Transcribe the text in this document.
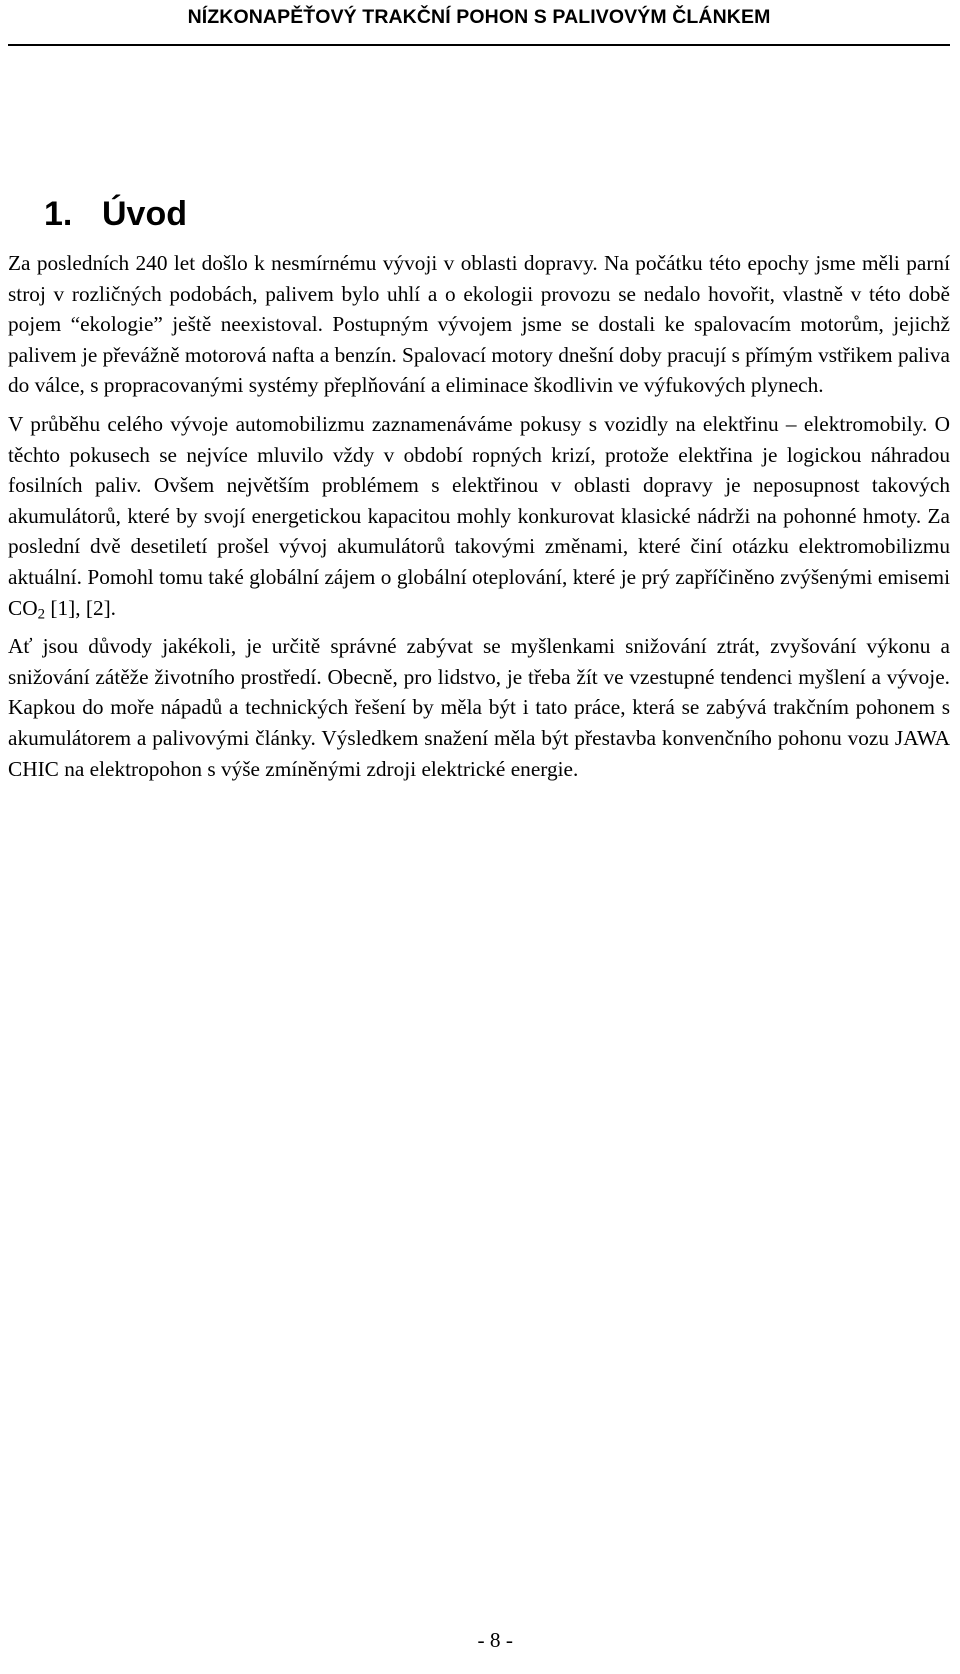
NÍZKONAPĚŤOVÝ TRAKČNÍ POHON S PALIVOVÝM ČLÁNKEM
1. Úvod

Za posledních 240 let došlo k nesmírnému vývoji v oblasti dopravy. Na počátku této epochy jsme měli parní stroj v rozličných podobách, palivem bylo uhlí a o ekologii provozu se nedalo hovořit, vlastně v této době pojem “ekologie” ještě neexistoval. Postupným vývojem jsme se dostali ke spalovacím motorům, jejichž palivem je převážně motorová nafta a benzín. Spalovací motory dnešní doby pracují s přímým vstřikem paliva do válce, s propracovanými systémy přeplňování a eliminace škodlivin ve výfukových plynech.

V průběhu celého vývoje automobilizmu zaznamenáváme pokusy s vozidly na elektřinu – elektromobily. O těchto pokusech se nejvíce mluvilo vždy v období ropných krizí, protože elektřina je logickou náhradou fosilních paliv. Ovšem největším problémem s elektřinou v oblasti dopravy je neposupnost takových akumulátorů, které by svojí energetickou kapacitou mohly konkurovat klasické nádrži na pohonné hmoty. Za poslední dvě desetiletí prošel vývoj akumulátorů takovými změnami, které činí otázku elektromobilizmu aktuální. Pomohl tomu také globální zájem o globální oteplování, které je prý zapříčiněno zvýšenými emisemi $CO_2$ [1], [2].

Ať jsou důvody jakékoli, je určitě správné zabývat se myšlenkami snižování ztrát, zvyšování výkonu a snižování zátěže životního prostředí. Obecně, pro lidstvo, je třeba žít ve vzestupné tendenci myšlení a vývoje. Kapkou do moře nápadů a technických řešení by měla být i tato práce, která se zabývá trakčním pohonem s akumulátorem a palivovými články. Výsledkem snažení měla být přestavba konvenčního pohonu vozu JAWA CHIC na elektropohon s výše zmíněnými zdroji elektrické energie.

- 8 -
